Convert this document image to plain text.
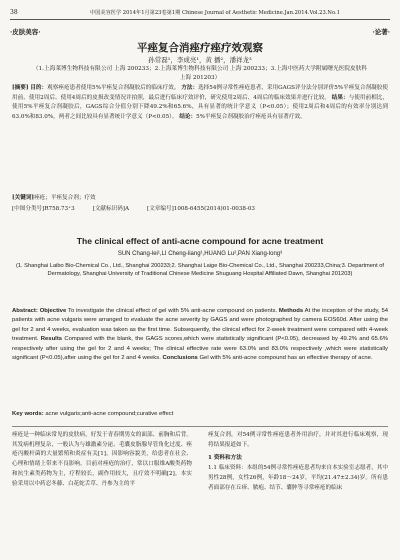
38	中国美容医学 2014年1月第23卷第1期 Chinese Journal of Aesthetic Medicine.Jan.2014.Vol.23.No.1
·皮肤美容·	·论著·
平痤复合消痤疗痤疗效观察
孙常磊¹，李成亮¹，黄 播²，潘祥龙³
（1.上海莱博生物科技有限公司 上海 200233；2.上海莱博生物科技有限公司 上海 200233；3.上海中医药大学附属曙光医院皮肤科 上海 201203）
[摘要] 目的：观察痤疮患者使用5%平痤复合剂凝胶后的临床疗效。 方法：选择54例寻常性痤疮患者，采用GAGS评分法分别评价5%平痤复合剂凝胶使用前、使用2周后、使用4周后的皮损改变情况并拍照，最后进行临床疗效评价，研究使用2周后、4周后的临床效果并进行比较。 结果：与使用前相比，使用5%平痤复合剂凝胶后，GAGS综合分值分别下降49.2%和65.6%，具有显著的统计学意义（P<0.05）；使用2周后和4周后的有效率分别达到63.0%和83.0%，两者之间比较具有显著统计学意义（P<0.05）。 结论：5%平痤复合剂凝胶治疗痤疮具有显著疗效。
[关键词]痤疮；平痤复合剂；疗效
[中图分类号]R758.73⁺3	[文献标识码]A	[文章编号]1008-6455(2014)01-0038-03
The clinical effect of anti-acne compound for acne treatment
SUN Chang-lei¹,LI Cheng-liang¹,HUANG Lu²,PAN Xiang-long³
(1. Shanghai Laibo Bio-Chemical Co., Ltd., Shanghai 200233;2. Shanghai Laige Bio-Chemical Co., Ltd., Shanghai 200233,China;3. Department of Dermatology, Shanghai University of Traditional Chinese Medicine Shuguang Hospital Affiliated Dawn, Shanghai 201203)
Abstract: Objective To investigate the clinical effect of gel with 5% anti-acne compound on patients. Methods At the inception of the study, 54 patients with acne vulgaris were arranged to evaluate the acne severity by GAGS and were photographed by camera EOS60d. After using the gel for 2 and 4 weeks, evaluation was taken as the first time. Subsequently, the clinical effect for 2-week treatment were compared with 4-week treatment. Results Compared with the blank, the GAGS scores,which were statistically significant (P<0.05), decreased by 49.2% and 65.6% respectively after using the gel for 2 and 4 weeks; The clinical effective rate were 63.0% and 83.0% respectively ,which were statistically significant (P<0.05),after using the gel for 2 and 4 weeks. Conclusions Gel with 5% anti-acne compound has an effective therapy of acne.
Key words: acne vulgaris;anti-acne compound;curative effect

痤疮是一种临床常见的皮肤病，好发于青春期男女的面部、前胸和后背。其发病机理复杂，一般认为与雄激素分泌、毛囊皮脂腺导管角化过度、痤疮丙酸杆菌的大量繁殖和炎症有关[1]。因影响容貌美，给患者在社会、心理和情绪上带来不良影响。目前对痤疮的治疗，常以口服维A酸类药物和抗生素类药物为主，疗程较长，副作用较大，且疗效不明确[2]。本实验采用以中药忍冬藤、白花蛇舌草、丹参为主的平

痤复合剂，对54例寻常性痤疮患者外用治疗，并对其进行临床观察，现将结果报道如下。

1 资料和方法

1.1 临床资料：本组的54例寻常性痤疮患者均来自本实验室志愿者，其中男性28例，女性26例，年龄18～24岁，平均(21.47±2.34)岁。所有患者面部存在丘疹、脓疱、结节、囊肿等寻常痤疮的临床
